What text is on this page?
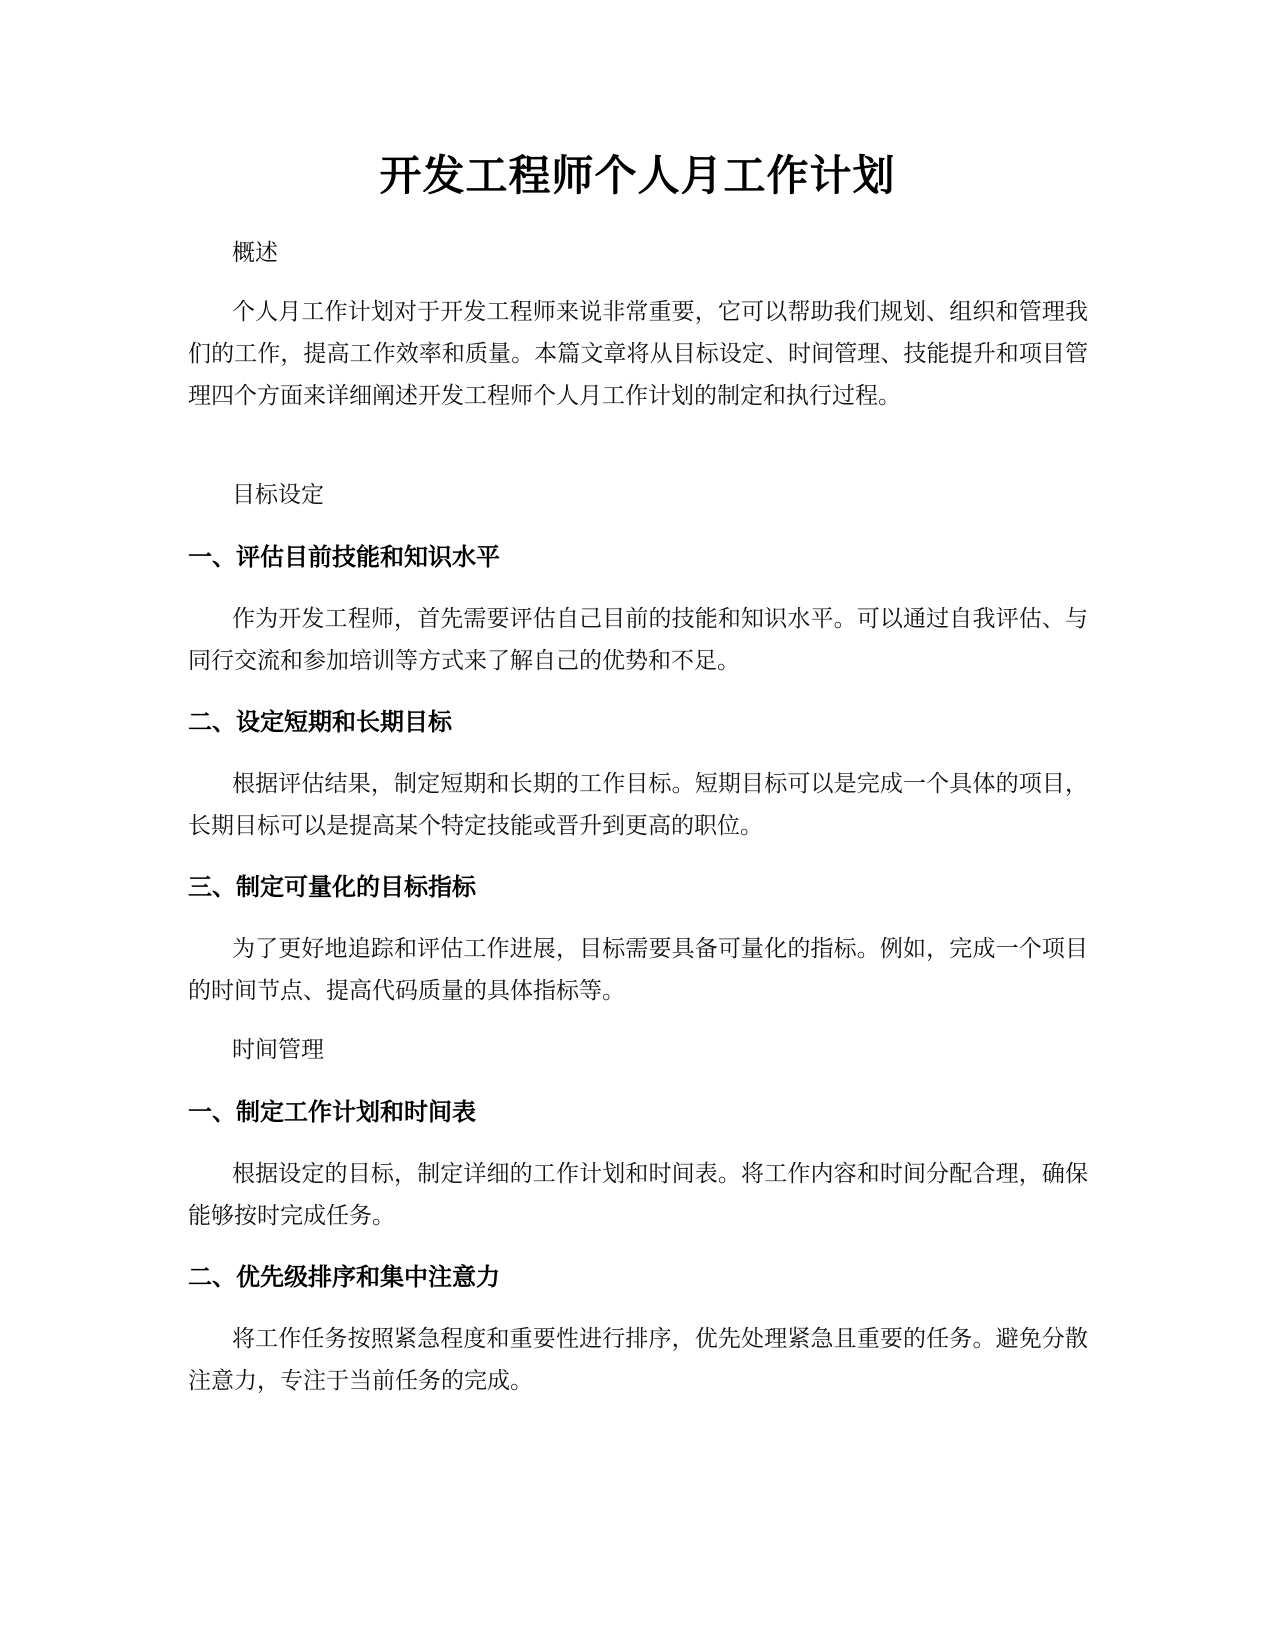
开发工程师个人月工作计划
概述

个人月工作计划对于开发工程师来说非常重要，它可以帮助我们规划、组织和管理我们的工作，提高工作效率和质量。本篇文章将从目标设定、时间管理、技能提升和项目管理四个方面来详细阐述开发工程师个人月工作计划的制定和执行过程。

目标设定
一、评估目前技能和知识水平

作为开发工程师，首先需要评估自己目前的技能和知识水平。可以通过自我评估、与同行交流和参加培训等方式来了解自己的优势和不足。

二、设定短期和长期目标

根据评估结果，制定短期和长期的工作目标。短期目标可以是完成一个具体的项目，长期目标可以是提高某个特定技能或晋升到更高的职位。

三、制定可量化的目标指标

为了更好地追踪和评估工作进展，目标需要具备可量化的指标。例如，完成一个项目的时间节点、提高代码质量的具体指标等。

时间管理
一、制定工作计划和时间表

根据设定的目标，制定详细的工作计划和时间表。将工作内容和时间分配合理，确保能够按时完成任务。

二、优先级排序和集中注意力

将工作任务按照紧急程度和重要性进行排序，优先处理紧急且重要的任务。避免分散注意力，专注于当前任务的完成。
